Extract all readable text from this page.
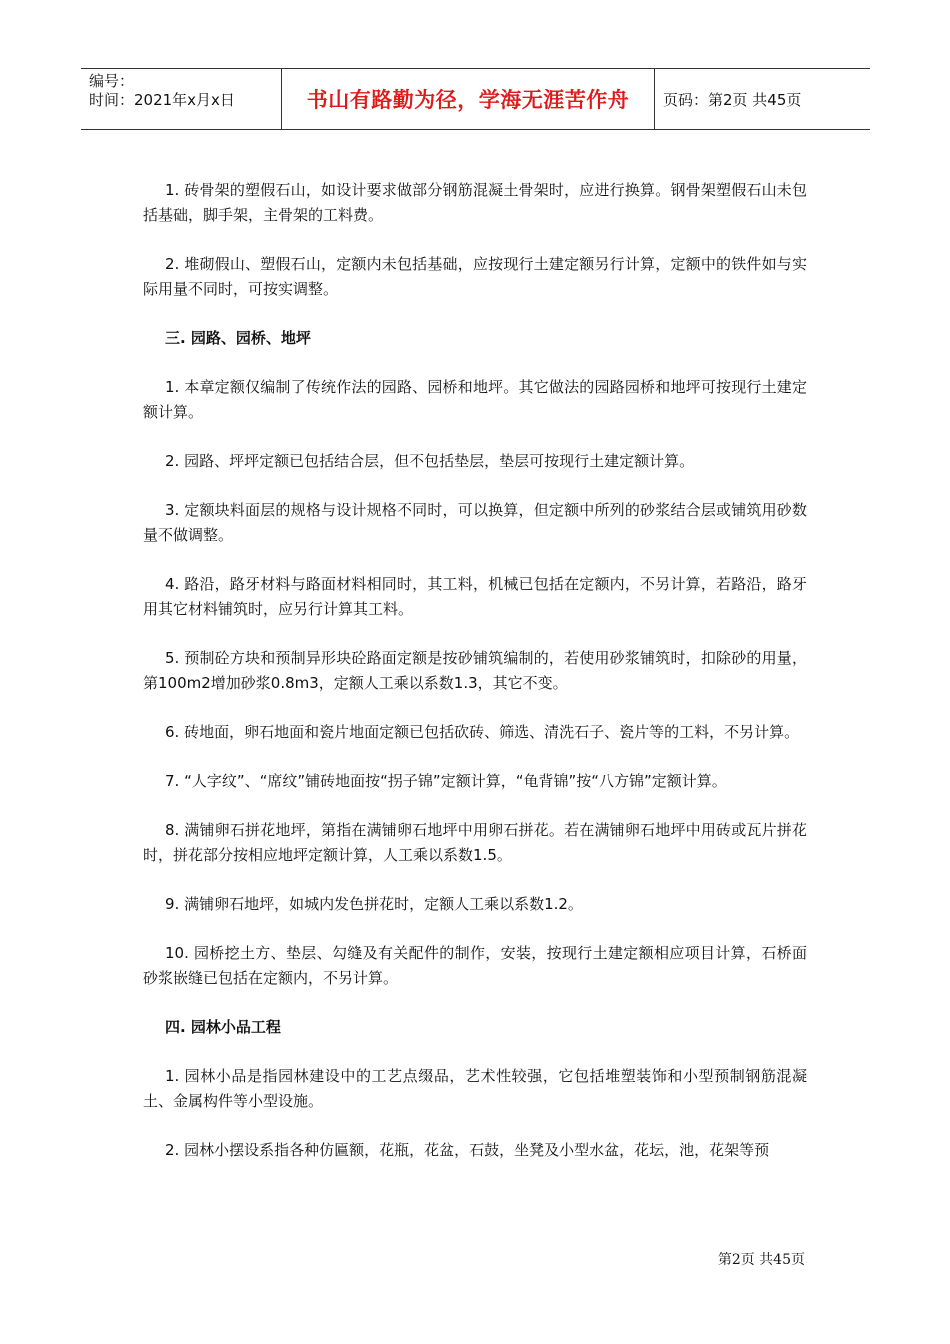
编号：
时间：2021年x月x日	书山有路勤为径，学海无涯苦作舟 页码：第2页 共45页

1. 砖骨架的塑假石山，如设计要求做部分钢筋混凝土骨架时，应进行换算。钢骨架塑假石山未包括基础，脚手架，主骨架的工料费。

2. 堆砌假山、塑假石山，定额内未包括基础，应按现行土建定额另行计算，定额中的铁件如与实际用量不同时，可按实调整。

三. 园路、园桥、地坪

1. 本章定额仅编制了传统作法的园路、园桥和地坪。其它做法的园路园桥和地坪可按现行土建定额计算。

2. 园路、坪坪定额已包括结合层，但不包括垫层，垫层可按现行土建定额计算。

3. 定额块料面层的规格与设计规格不同时，可以换算，但定额中所列的砂浆结合层或铺筑用砂数量不做调整。

4. 路沿，路牙材料与路面材料相同时，其工料，机械已包括在定额内，不另计算，若路沿，路牙用其它材料铺筑时，应另行计算其工料。

5. 预制砼方块和预制异形块砼路面定额是按砂铺筑编制的，若使用砂浆铺筑时，扣除砂的用量，第100m2增加砂浆0.8m3，定额人工乘以系数1.3，其它不变。

6. 砖地面，卵石地面和瓷片地面定额已包括砍砖、筛选、清洗石子、瓷片等的工料，不另计算。

7. “人字纹”、“席纹”铺砖地面按“拐子锦”定额计算，“龟背锦”按“八方锦”定额计算。

8. 满铺卵石拼花地坪，第指在满铺卵石地坪中用卵石拼花。若在满铺卵石地坪中用砖或瓦片拼花时，拼花部分按相应地坪定额计算，人工乘以系数1.5。

9. 满铺卵石地坪，如城内发色拼花时，定额人工乘以系数1.2。

10. 园桥挖土方、垫层、勾缝及有关配件的制作，安装，按现行土建定额相应项目计算，石桥面砂浆嵌缝已包括在定额内，不另计算。

四. 园林小品工程

1. 园林小品是指园林建设中的工艺点缀品，艺术性较强，它包括堆塑装饰和小型预制钢筋混凝土、金属构件等小型设施。

2. 园林小摆设系指各种仿匾额，花瓶，花盆，石鼓，坐凳及小型水盆，花坛，池，花架等预

第2页 共45页
